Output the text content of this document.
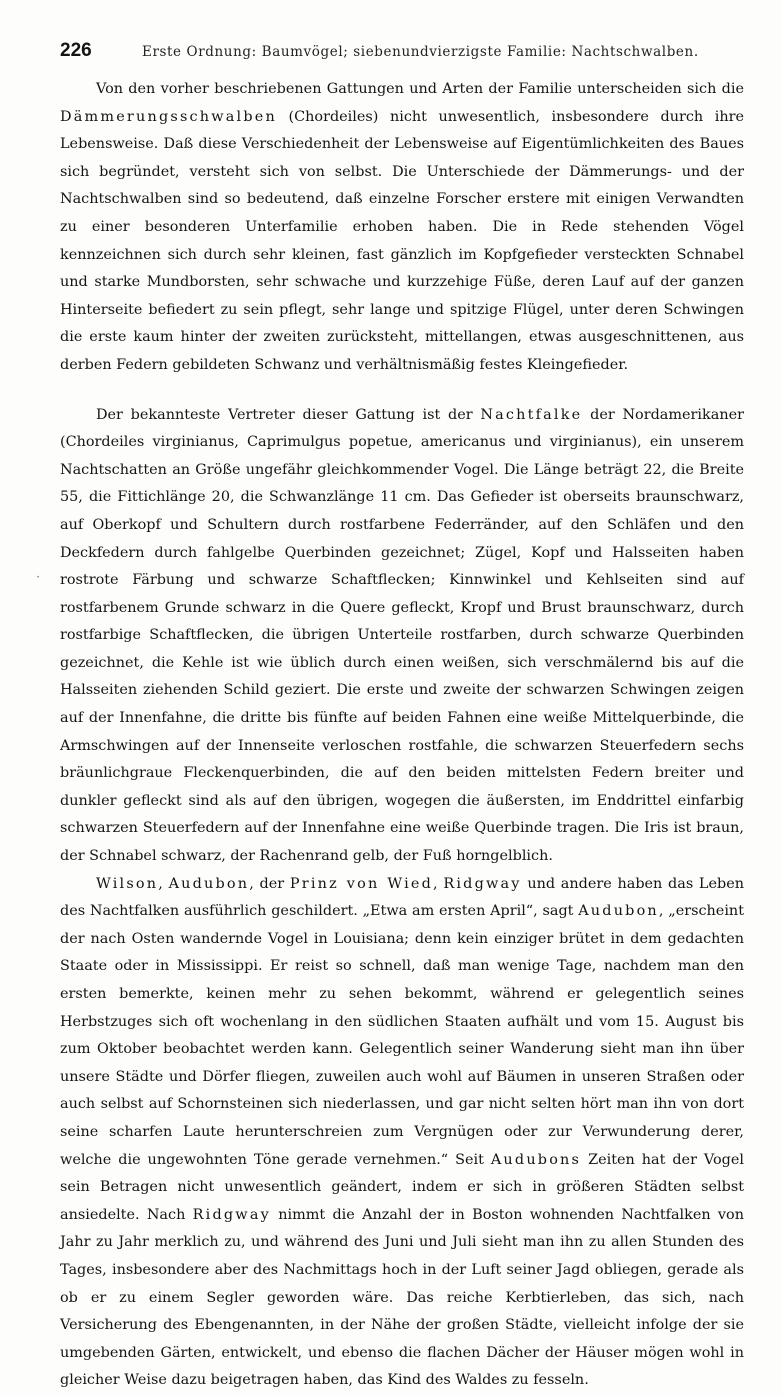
226	Erste Ordnung: Baumvögel; siebenundvierzigste Familie: Nachtschwalben.

Von den vorher beschriebenen Gattungen und Arten der Familie unterscheiden sich die Dämmerungsschwalben (Chordeiles) nicht unwesentlich, insbesondere durch ihre Lebensweise. Daß diese Verschiedenheit der Lebensweise auf Eigentümlichkeiten des Baues sich begründet, versteht sich von selbst. Die Unterschiede der Dämmerungs- und der Nachtschwalben sind so bedeutend, daß einzelne Forscher erstere mit einigen Verwandten zu einer besonderen Unterfamilie erhoben haben. Die in Rede stehenden Vögel kennzeichnen sich durch sehr kleinen, fast gänzlich im Kopfgefieder versteckten Schnabel und starke Mundborsten, sehr schwache und kurzzehige Füße, deren Lauf auf der ganzen Hinterseite befiedert zu sein pflegt, sehr lange und spitzige Flügel, unter deren Schwingen die erste kaum hinter der zweiten zurücksteht, mittellangen, etwas ausgeschnittenen, aus derben Federn gebildeten Schwanz und verhältnismäßig festes Kleingefieder.

Der bekannteste Vertreter dieser Gattung ist der Nachtfalke der Nordamerikaner (Chordeiles virginianus, Caprimulgus popetue, americanus und virginianus), ein unserem Nachtschatten an Größe ungefähr gleichkommender Vogel. Die Länge beträgt 22, die Breite 55, die Fittichlänge 20, die Schwanzlänge 11 cm. Das Gefieder ist oberseits braunschwarz, auf Oberkopf und Schultern durch rostfarbene Federränder, auf den Schläfen und den Deckfedern durch fahlgelbe Querbinden gezeichnet; Zügel, Kopf und Halsseiten haben rostrote Färbung und schwarze Schaftflecken; Kinnwinkel und Kehlseiten sind auf rostfarbenem Grunde schwarz in die Quere gefleckt, Kropf und Brust braunschwarz, durch rostfarbige Schaftflecken, die übrigen Unterteile rostfarben, durch schwarze Querbinden gezeichnet, die Kehle ist wie üblich durch einen weißen, sich verschmälernd bis auf die Halsseiten ziehenden Schild geziert. Die erste und zweite der schwarzen Schwingen zeigen auf der Innenfahne, die dritte bis fünfte auf beiden Fahnen eine weiße Mittelquerbinde, die Armschwingen auf der Innenseite verloschen rostfahle, die schwarzen Steuerfedern sechs bräunlichgraue Fleckenquerbinden, die auf den beiden mittelsten Federn breiter und dunkler gefleckt sind als auf den übrigen, wogegen die äußersten, im Enddrittel einfarbig schwarzen Steuerfedern auf der Innenfahne eine weiße Querbinde tragen. Die Iris ist braun, der Schnabel schwarz, der Rachenrand gelb, der Fuß horngelblich.

Wilson, Audubon, der Prinz von Wied, Ridgway und andere haben das Leben des Nachtfalken ausführlich geschildert. „Etwa am ersten April“, sagt Audubon, „erscheint der nach Osten wandernde Vogel in Louisiana; denn kein einziger brütet in dem gedachten Staate oder in Mississippi. Er reist so schnell, daß man wenige Tage, nachdem man den ersten bemerkte, keinen mehr zu sehen bekommt, während er gelegentlich seines Herbstzuges sich oft wochenlang in den südlichen Staaten aufhält und vom 15. August bis zum Oktober beobachtet werden kann. Gelegentlich seiner Wanderung sieht man ihn über unsere Städte und Dörfer fliegen, zuweilen auch wohl auf Bäumen in unseren Straßen oder auch selbst auf Schornsteinen sich niederlassen, und gar nicht selten hört man ihn von dort seine scharfen Laute herunterschreien zum Vergnügen oder zur Verwunderung derer, welche die ungewohnten Töne gerade vernehmen.“ Seit Audubons Zeiten hat der Vogel sein Betragen nicht unwesentlich geändert, indem er sich in größeren Städten selbst ansiedelte. Nach Ridgway nimmt die Anzahl der in Boston wohnenden Nachtfalken von Jahr zu Jahr merklich zu, und während des Juni und Juli sieht man ihn zu allen Stunden des Tages, insbesondere aber des Nachmittags hoch in der Luft seiner Jagd obliegen, gerade als ob er zu einem Segler geworden wäre. Das reiche Kerbtierleben, das sich, nach Versicherung des Ebengenannten, in der Nähe der großen Städte, vielleicht infolge der sie umgebenden Gärten, entwickelt, und ebenso die flachen Dächer der Häuser mögen wohl in gleicher Weise dazu beigetragen haben, das Kind des Waldes zu fesseln.

·
